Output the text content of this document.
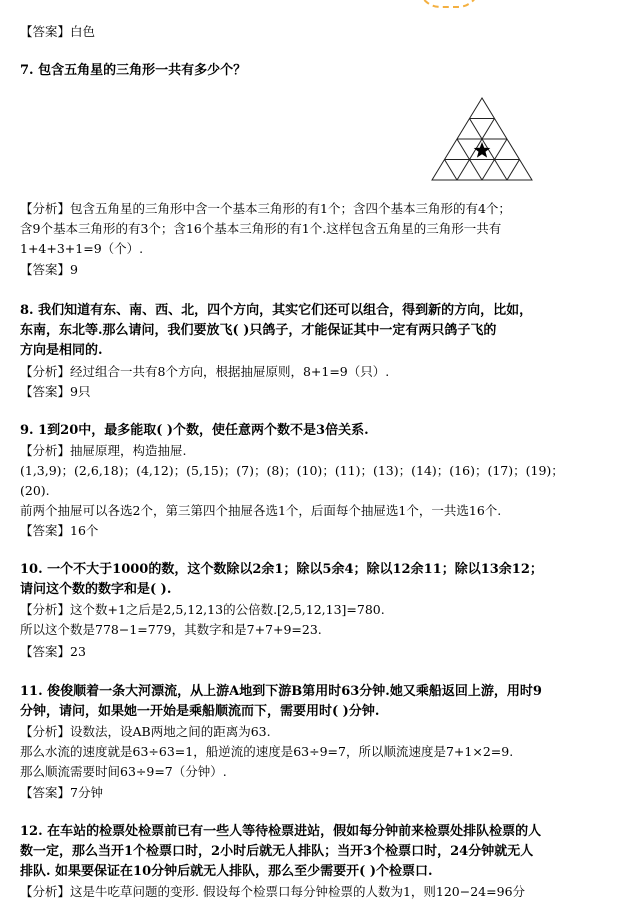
【答案】白色
7. 包含五角星的三角形一共有多少个？
【分析】包含五角星的三角形中含一个基本三角形的有1个；含四个基本三角形的有4个；
含9个基本三角形的有3个；含16个基本三角形的有1个.这样包含五角星的三角形一共有
1+4+3+1=9（个）.
【答案】9
8. 我们知道有东、南、西、北，四个方向，其实它们还可以组合，得到新的方向，比如，
东南，东北等.那么请问，我们要放飞( )只鸽子，才能保证其中一定有两只鸽子飞的
方向是相同的.
【分析】经过组合一共有8个方向，根据抽屉原则，8+1=9（只）.
【答案】9只
9. 1到20中，最多能取( )个数，使任意两个数不是3倍关系.
【分析】抽屉原理，构造抽屉.
(1,3,9)；(2,6,18)；(4,12)；(5,15)；(7)；(8)；(10)；(11)；(13)；(14)；(16)；(17)；(19)；
(20).
前两个抽屉可以各选2个，第三第四个抽屉各选1个，后面每个抽屉选1个，一共选16个.
【答案】16个
10. 一个不大于1000的数，这个数除以2余1；除以5余4；除以12余11；除以13余12；
请问这个数的数字和是( ).
【分析】这个数+1之后是2,5,12,13的公倍数.[2,5,12,13]=780.
所以这个数是778−1=779，其数字和是7+7+9=23.
【答案】23
11. 俊俊顺着一条大河漂流，从上游A地到下游B第用时63分钟.她又乘船返回上游，用时9
分钟，请问，如果她一开始是乘船顺流而下，需要用时( )分钟.
【分析】设数法，设AB两地之间的距离为63.
那么水流的速度就是63÷63=1，船逆流的速度是63÷9=7，所以顺流速度是7+1×2=9.
那么顺流需要时间63÷9=7（分钟）.
【答案】7分钟
12. 在车站的检票处检票前已有一些人等待检票进站，假如每分钟前来检票处排队检票的人
数一定，那么当开1个检票口时，2小时后就无人排队；当开3个检票口时，24分钟就无人
排队. 如果要保证在10分钟后就无人排队，那么至少需要开( )个检票口.
【分析】这是牛吃草问题的变形. 假设每个检票口每分钟检票的人数为1，则120−24=96分
